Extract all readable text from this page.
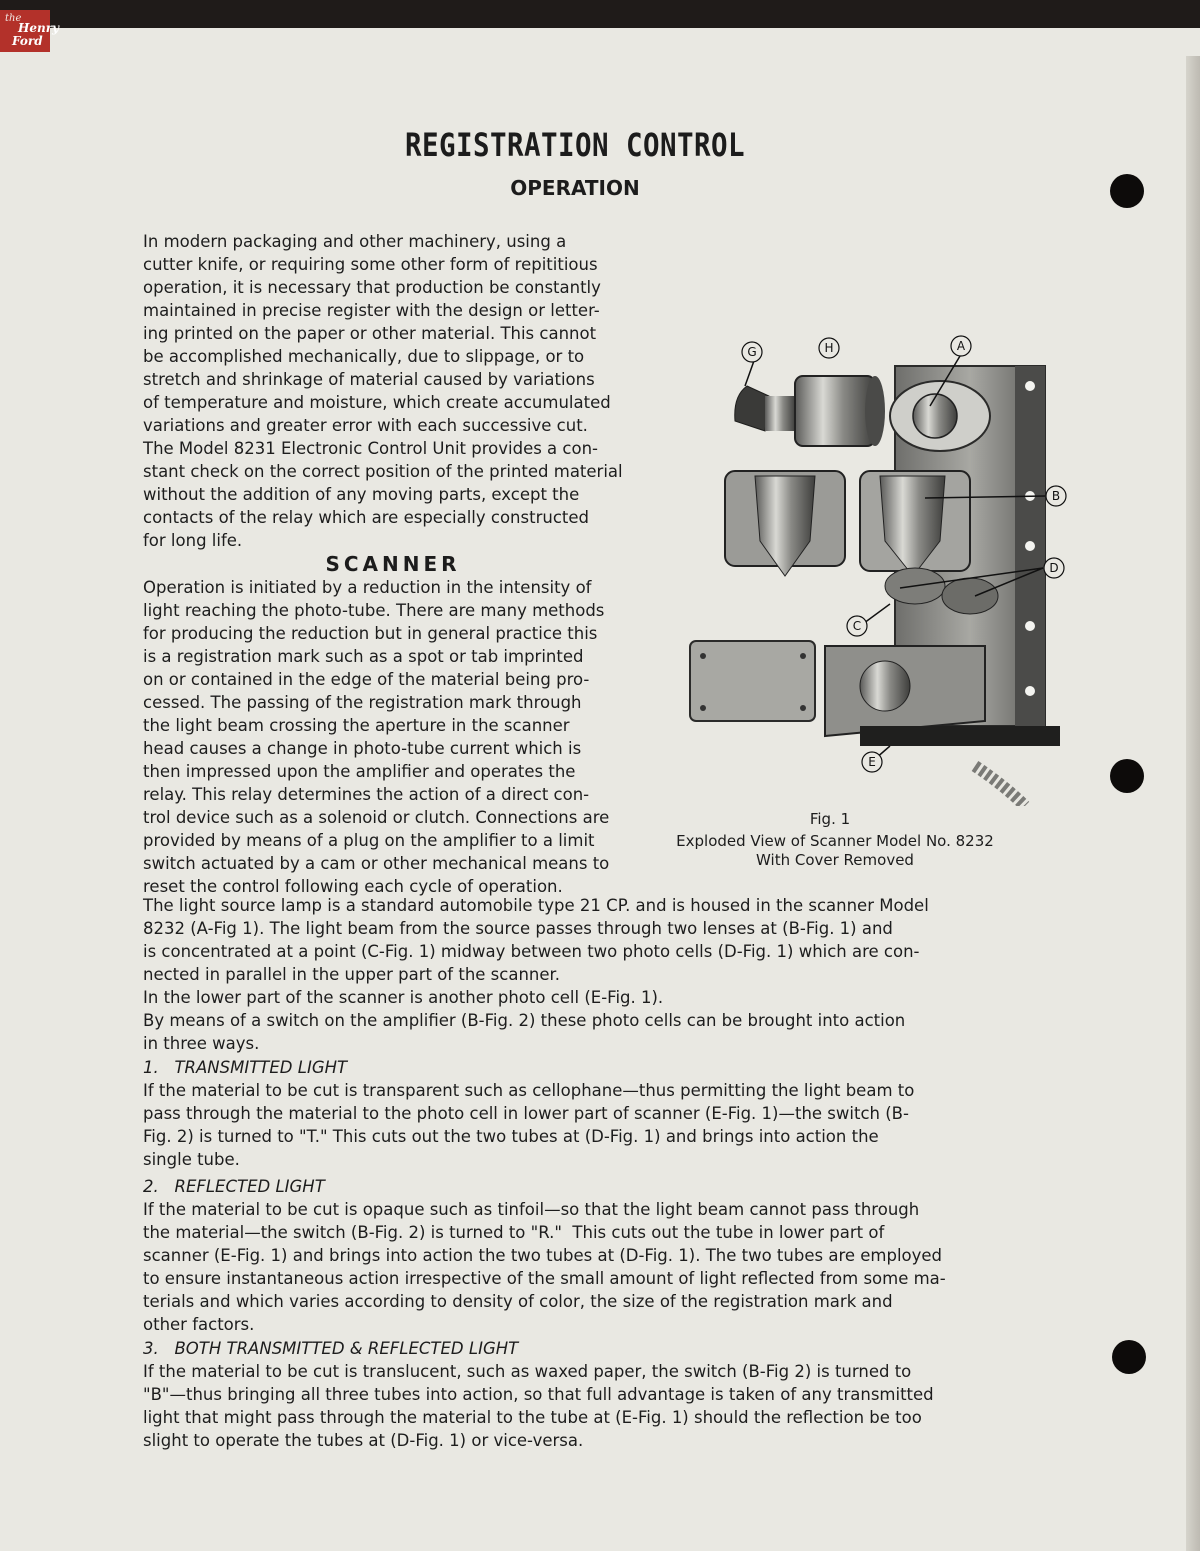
REGISTRATION CONTROL
OPERATION
In modern packaging and other machinery, using a
cutter knife, or requiring some other form of repititious
operation, it is necessary that production be constantly
maintained in precise register with the design or letter-
ing printed on the paper or other material. This cannot
be accomplished mechanically, due to slippage, or to
stretch and shrinkage of material caused by variations
of temperature and moisture, which create accumulated
variations and greater error with each successive cut.
The Model 8231 Electronic Control Unit provides a con-
stant check on the correct position of the printed material
without the addition of any moving parts, except the
contacts of the relay which are especially constructed
for long life.
SCANNER
Operation is initiated by a reduction in the intensity of
light reaching the photo-tube. There are many methods
for producing the reduction but in general practice this
is a registration mark such as a spot or tab imprinted
on or contained in the edge of the material being pro-
cessed. The passing of the registration mark through
the light beam crossing the aperture in the scanner
head causes a change in photo-tube current which is
then impressed upon the amplifier and operates the
relay. This relay determines the action of a direct con-
trol device such as a solenoid or clutch. Connections are
provided by means of a plug on the amplifier to a limit
switch actuated by a cam or other mechanical means to
reset the control following each cycle of operation.
G	H	A
B
D
C
E
Fig. 1
Exploded View of Scanner Model No. 8232
With Cover Removed
The light source lamp is a standard automobile type 21 CP. and is housed in the scanner Model
8232 (A-Fig 1). The light beam from the source passes through two lenses at (B-Fig. 1) and
is concentrated at a point (C-Fig. 1) midway between two photo cells (D-Fig. 1) which are con-
nected in parallel in the upper part of the scanner.
In the lower part of the scanner is another photo cell (E-Fig. 1).
By means of a switch on the amplifier (B-Fig. 2) these photo cells can be brought into action
in three ways.
1.   TRANSMITTED LIGHT
If the material to be cut is transparent such as cellophane—thus permitting the light beam to
pass through the material to the photo cell in lower part of scanner (E-Fig. 1)—the switch (B-
Fig. 2) is turned to "T." This cuts out the two tubes at (D-Fig. 1) and brings into action the
single tube.
2.   REFLECTED LIGHT
If the material to be cut is opaque such as tinfoil—so that the light beam cannot pass through
the material—the switch (B-Fig. 2) is turned to "R."  This cuts out the tube in lower part of
scanner (E-Fig. 1) and brings into action the two tubes at (D-Fig. 1). The two tubes are employed
to ensure instantaneous action irrespective of the small amount of light reflected from some ma-
terials and which varies according to density of color, the size of the registration mark and
other factors.
3.   BOTH TRANSMITTED & REFLECTED LIGHT
If the material to be cut is translucent, such as waxed paper, the switch (B-Fig 2) is turned to
"B"—thus bringing all three tubes into action, so that full advantage is taken of any transmitted
light that might pass through the material to the tube at (E-Fig. 1) should the reflection be too
slight to operate the tubes at (D-Fig. 1) or vice-versa.
the
Henry
Ford
